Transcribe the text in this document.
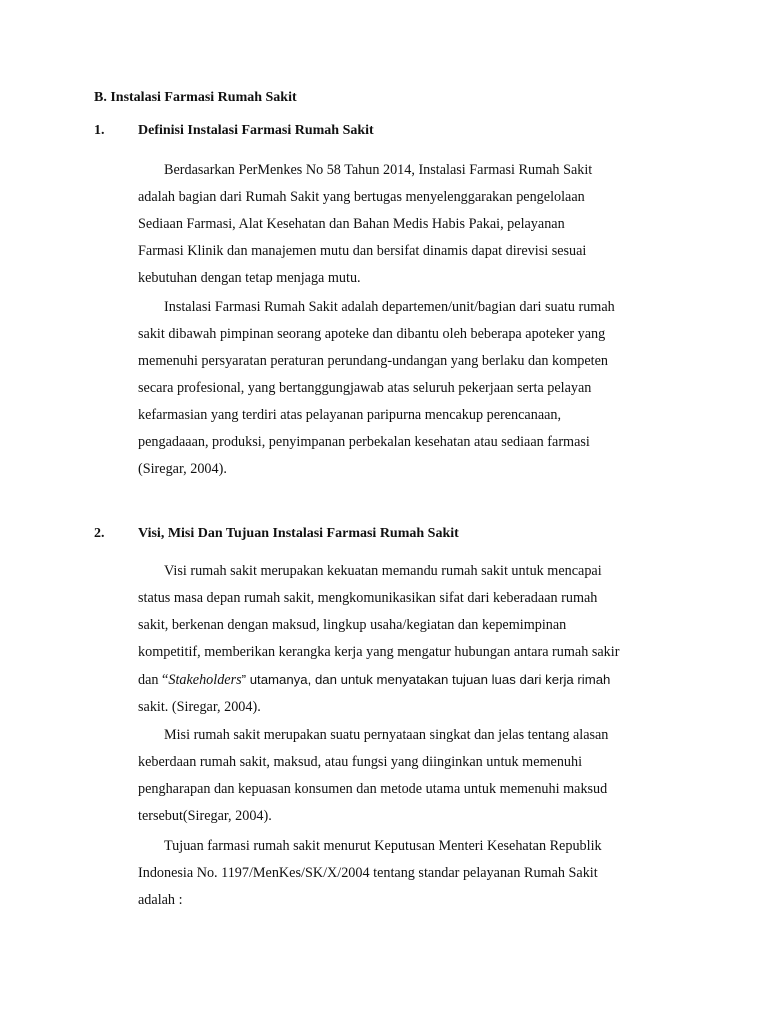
B. Instalasi Farmasi Rumah Sakit
1. Definisi Instalasi Farmasi Rumah Sakit

Berdasarkan PerMenkes No 58 Tahun 2014, Instalasi Farmasi Rumah Sakit
adalah bagian dari Rumah Sakit yang bertugas menyelenggarakan pengelolaan
Sediaan Farmasi, Alat Kesehatan dan Bahan Medis Habis Pakai, pelayanan
Farmasi Klinik dan manajemen mutu dan bersifat dinamis dapat direvisi sesuai
kebutuhan dengan tetap menjaga mutu.

Instalasi Farmasi Rumah Sakit adalah departemen/unit/bagian dari suatu rumah
sakit dibawah pimpinan seorang apoteke dan dibantu oleh beberapa apoteker yang
memenuhi persyaratan peraturan perundang-undangan yang berlaku dan kompeten
secara profesional, yang bertanggungjawab atas seluruh pekerjaan serta pelayan
kefarmasian yang terdiri atas pelayanan paripurna mencakup perencanaan,
pengadaaan, produksi, penyimpanan perbekalan kesehatan atau sediaan farmasi
(Siregar, 2004).

2. Visi, Misi Dan Tujuan Instalasi Farmasi Rumah Sakit

Visi rumah sakit merupakan kekuatan memandu rumah sakit untuk mencapai
status masa depan rumah sakit, mengkomunikasikan sifat dari keberadaan rumah
sakit, berkenan dengan maksud, lingkup usaha/kegiatan dan kepemimpinan
kompetitif, memberikan kerangka kerja yang mengatur hubungan antara rumah sakir
dan “Stakeholders” utamanya, dan untuk menyatakan tujuan luas dari kerja rimah
sakit. (Siregar, 2004).

Misi rumah sakit merupakan suatu pernyataan singkat dan jelas tentang alasan
keberdaan rumah sakit, maksud, atau fungsi yang diinginkan untuk memenuhi
pengharapan dan kepuasan konsumen dan metode utama untuk memenuhi maksud
tersebut(Siregar, 2004).

Tujuan farmasi rumah sakit menurut Keputusan Menteri Kesehatan Republik
Indonesia No. 1197/MenKes/SK/X/2004 tentang standar pelayanan Rumah Sakit
adalah :
